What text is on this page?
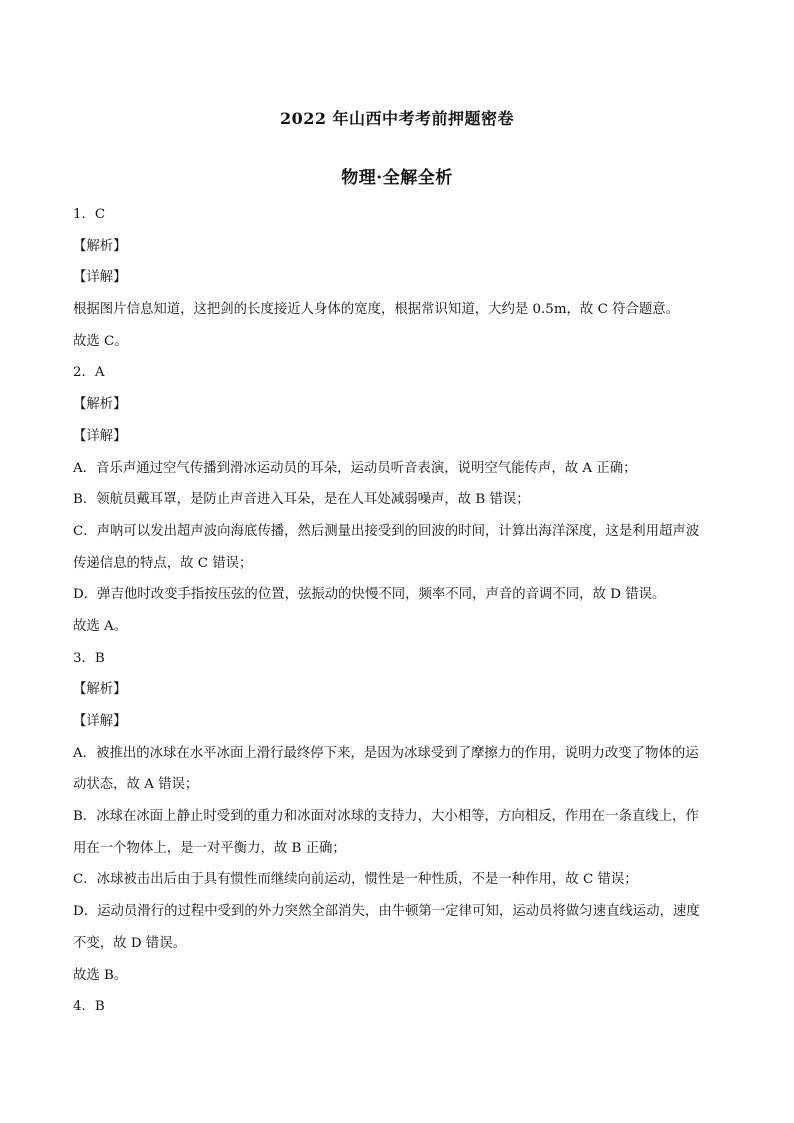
2022 年山西中考考前押题密卷
物理·全解全析
1．C
【解析】
【详解】
根据图片信息知道，这把剑的长度接近人身体的宽度，根据常识知道，大约是 0.5m，故 C 符合题意。
故选 C。
2．A
【解析】
【详解】
A．音乐声通过空气传播到滑冰运动员的耳朵，运动员听音表演，说明空气能传声，故 A 正确；
B．领航员戴耳罩，是防止声音进入耳朵，是在人耳处减弱噪声，故 B 错误；
C．声呐可以发出超声波向海底传播，然后测量出接受到的回波的时间，计算出海洋深度，这是利用超声波
传递信息的特点，故 C 错误；
D．弹吉他时改变手指按压弦的位置，弦振动的快慢不同，频率不同，声音的音调不同，故 D 错误。
故选 A。
3．B
【解析】
【详解】
A．被推出的冰球在水平冰面上滑行最终停下来，是因为冰球受到了摩擦力的作用，说明力改变了物体的运
动状态，故 A 错误；
B．冰球在冰面上静止时受到的重力和冰面对冰球的支持力，大小相等，方向相反，作用在一条直线上，作
用在一个物体上，是一对平衡力，故 B 正确；
C．冰球被击出后由于具有惯性而继续向前运动，惯性是一种性质，不是一种作用，故 C 错误；
D．运动员滑行的过程中受到的外力突然全部消失，由牛顿第一定律可知，运动员将做匀速直线运动，速度
不变，故 D 错误。
故选 B。
4．B
